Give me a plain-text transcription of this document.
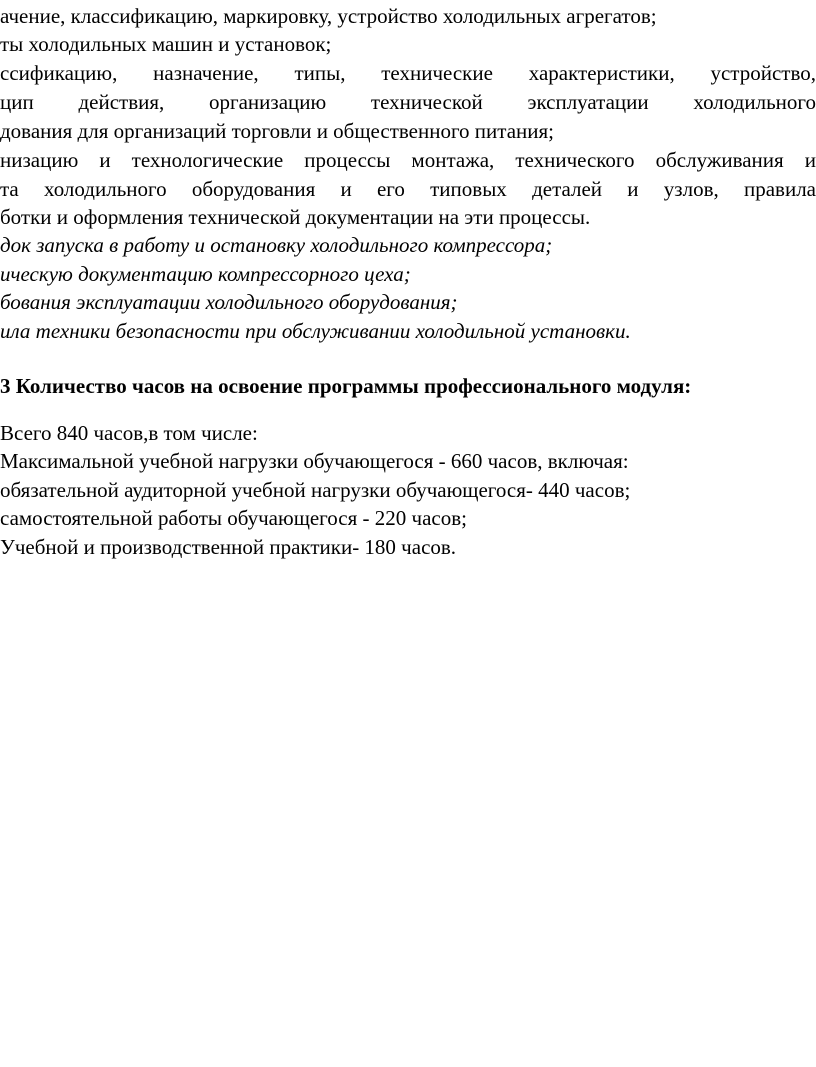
ачение, классификацию, маркировку, устройство холодильных агрегатов;
ты холодильных машин и установок;
ссификацию, назначение, типы, технические характеристики, устройство,
цип действия, организацию технической эксплуатации холодильного
дования для организаций торговли и общественного питания;
низацию и технологические процессы монтажа, технического обслуживания и
та холодильного оборудования и его типовых деталей и узлов, правила
ботки и оформления технической документации на эти процессы.
док запуска в работу и остановку холодильного компрессора;
ическую документацию компрессорного цеха;
бования эксплуатации холодильного оборудования;
ила техники безопасности при обслуживании холодильной установки.
3 Количество часов на освоение программы профессионального модуля:
Всего 840 часов,в том числе:
Максимальной учебной нагрузки обучающегося - 660 часов, включая:
обязательной аудиторной учебной нагрузки обучающегося- 440 часов;
самостоятельной работы обучающегося - 220 часов;
Учебной и производственной практики- 180 часов.
